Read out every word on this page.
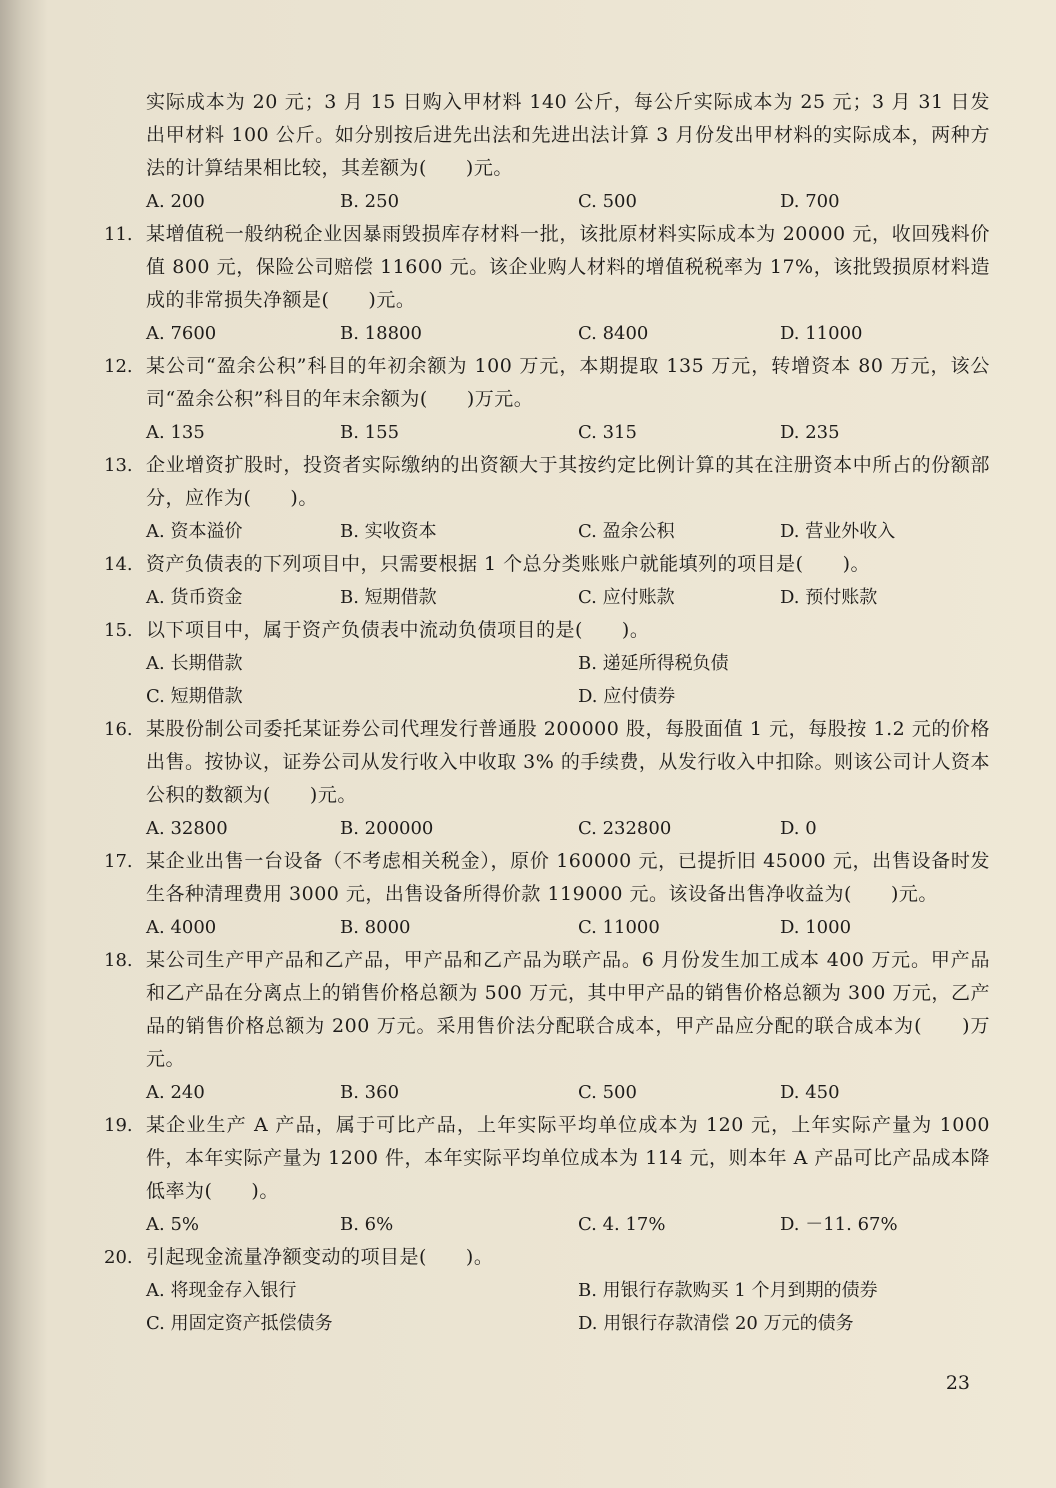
实际成本为 20 元；3 月 15 日购入甲材料 140 公斤，每公斤实际成本为 25 元；3 月 31 日发出甲材料 100 公斤。如分别按后进先出法和先进出法计算 3 月份发出甲材料的实际成本，两种方法的计算结果相比较，其差额为(　　)元。
A. 200	B. 250	C. 500	D. 700
11. 某增值税一般纳税企业因暴雨毁损库存材料一批，该批原材料实际成本为 20000 元，收回残料价值 800 元，保险公司赔偿 11600 元。该企业购人材料的增值税税率为 17%，该批毁损原材料造成的非常损失净额是(　　)元。
A. 7600	B. 18800	C. 8400	D. 11000
12. 某公司“盈余公积”科目的年初余额为 100 万元，本期提取 135 万元，转增资本 80 万元，该公司“盈余公积”科目的年末余额为(　　)万元。
A. 135	B. 155	C. 315	D. 235
13. 企业增资扩股时，投资者实际缴纳的出资额大于其按约定比例计算的其在注册资本中所占的份额部分，应作为(　　)。
A. 资本溢价	B. 实收资本	C. 盈余公积	D. 营业外收入
14. 资产负债表的下列项目中，只需要根据 1 个总分类账账户就能填列的项目是(　　)。
A. 货币资金	B. 短期借款	C. 应付账款	D. 预付账款
15. 以下项目中，属于资产负债表中流动负债项目的是(　　)。
A. 长期借款	B. 递延所得税负债
C. 短期借款	D. 应付债券
16. 某股份制公司委托某证券公司代理发行普通股 200000 股，每股面值 1 元，每股按 1.2 元的价格出售。按协议，证券公司从发行收入中收取 3% 的手续费，从发行收入中扣除。则该公司计人资本公积的数额为(　　)元。
A. 32800	B. 200000	C. 232800	D. 0
17. 某企业出售一台设备（不考虑相关税金），原价 160000 元，已提折旧 45000 元，出售设备时发生各种清理费用 3000 元，出售设备所得价款 119000 元。该设备出售净收益为(　　)元。
A. 4000	B. 8000	C. 11000	D. 1000
18. 某公司生产甲产品和乙产品，甲产品和乙产品为联产品。6 月份发生加工成本 400 万元。甲产品和乙产品在分离点上的销售价格总额为 500 万元，其中甲产品的销售价格总额为 300 万元，乙产品的销售价格总额为 200 万元。采用售价法分配联合成本，甲产品应分配的联合成本为(　　)万元。
A. 240	B. 360	C. 500	D. 450
19. 某企业生产 A 产品，属于可比产品，上年实际平均单位成本为 120 元，上年实际产量为 1000 件，本年实际产量为 1200 件，本年实际平均单位成本为 114 元，则本年 A 产品可比产品成本降低率为(　　)。
A. 5%	B. 6%	C. 4. 17%	D. －11. 67%
20. 引起现金流量净额变动的项目是(　　)。
A. 将现金存入银行	B. 用银行存款购买 1 个月到期的债券
C. 用固定资产抵偿债务	D. 用银行存款清偿 20 万元的债务
23
